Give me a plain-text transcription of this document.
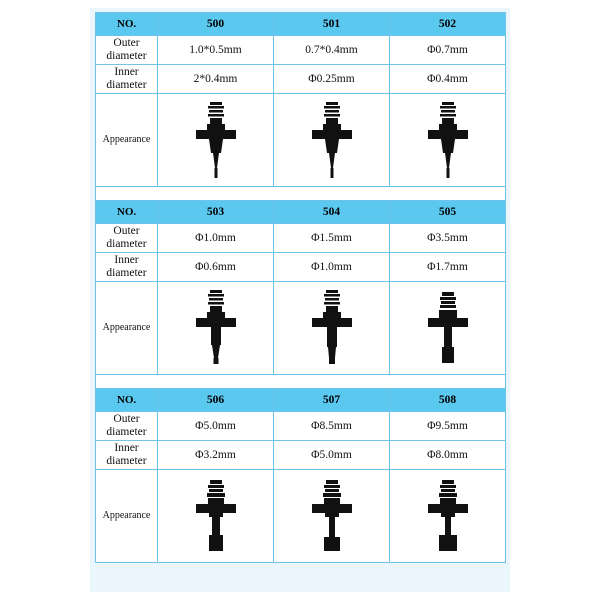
NO.	500	501	502
Outer diameter	1.0*0.5mm	0.7*0.4mm	Φ0.7mm
Inner diameter	2*0.4mm	Φ0.25mm	Φ0.4mm
Appearance	

NO.	503	504	505
Outer diameter	Φ1.0mm	Φ1.5mm	Φ3.5mm
Inner diameter	Φ0.6mm	Φ1.0mm	Φ1.7mm
Appearance	

NO.	506	507	508
Outer diameter	Φ5.0mm	Φ8.5mm	Φ9.5mm
Inner diameter	Φ3.2mm	Φ5.0mm	Φ8.0mm
Appearance	
